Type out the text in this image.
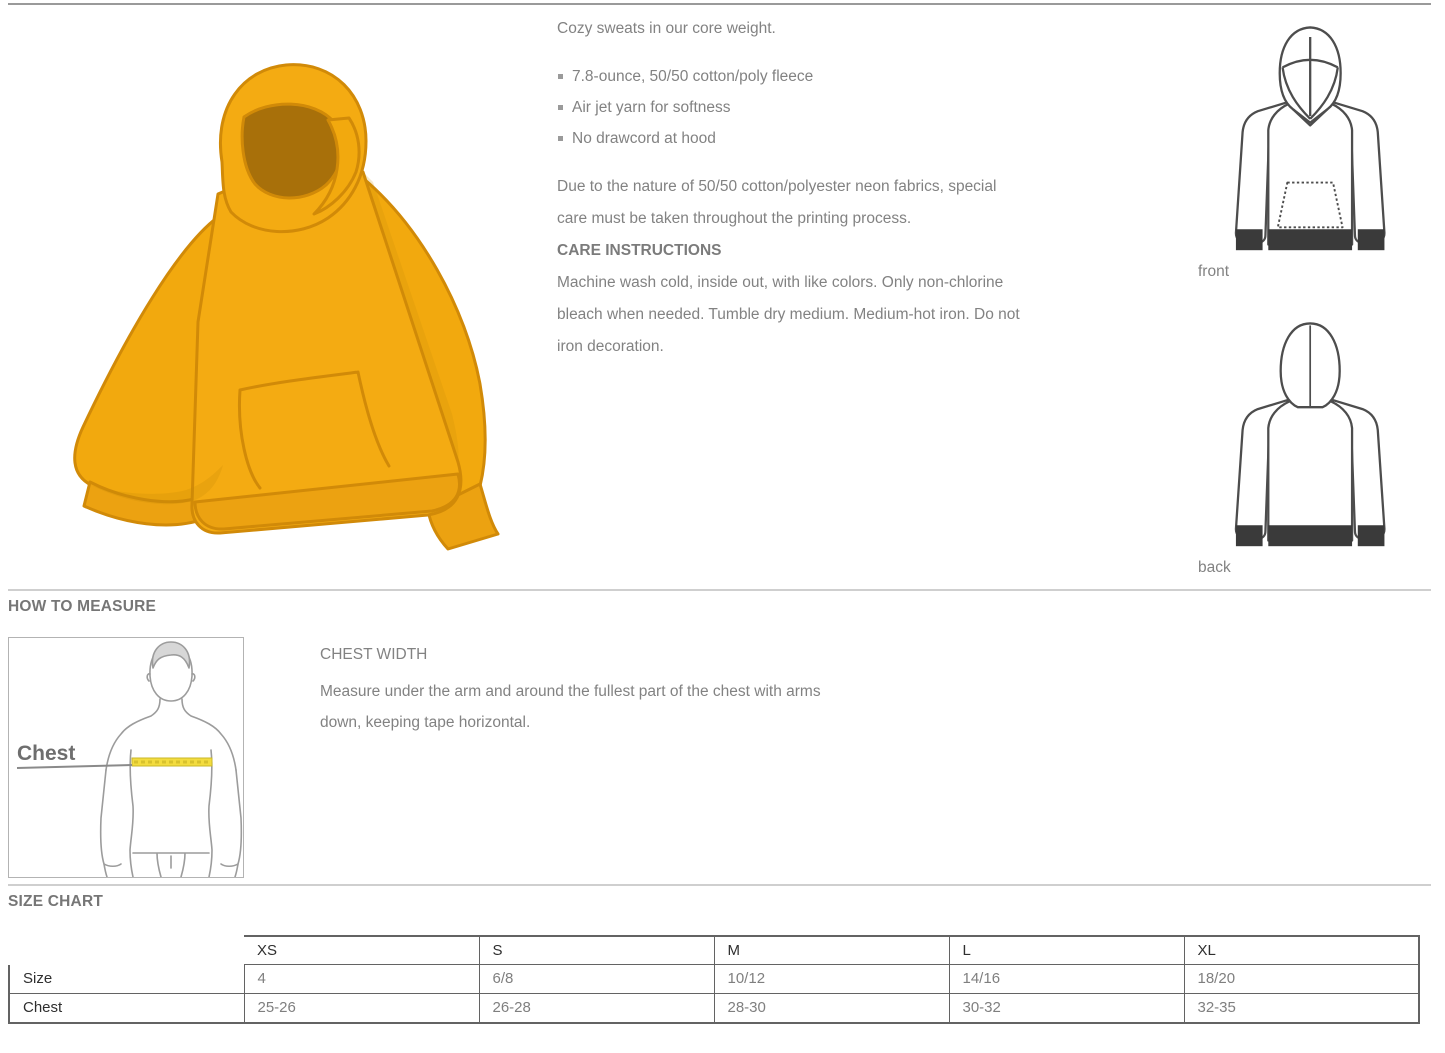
Cozy sweats in our core weight.

7.8-ounce, 50/50 cotton/poly fleece
Air jet yarn for softness
No drawcord at hood

Due to the nature of 50/50 cotton/polyester neon fabrics, special care must be taken throughout the printing process.

CARE INSTRUCTIONS

Machine wash cold, inside out, with like colors. Only non-chlorine bleach when needed. Tumble dry medium. Medium-hot iron. Do not iron decoration.

front
back
HOW TO MEASURE
Chest

CHEST WIDTH

Measure under the arm and around the fullest part of the chest with arms down, keeping tape horizontal.

SIZE CHART
	XS	S	M	L	XL
Size	4	6/8	10/12	14/16	18/20
Chest	25-26	26-28	28-30	30-32	32-35
